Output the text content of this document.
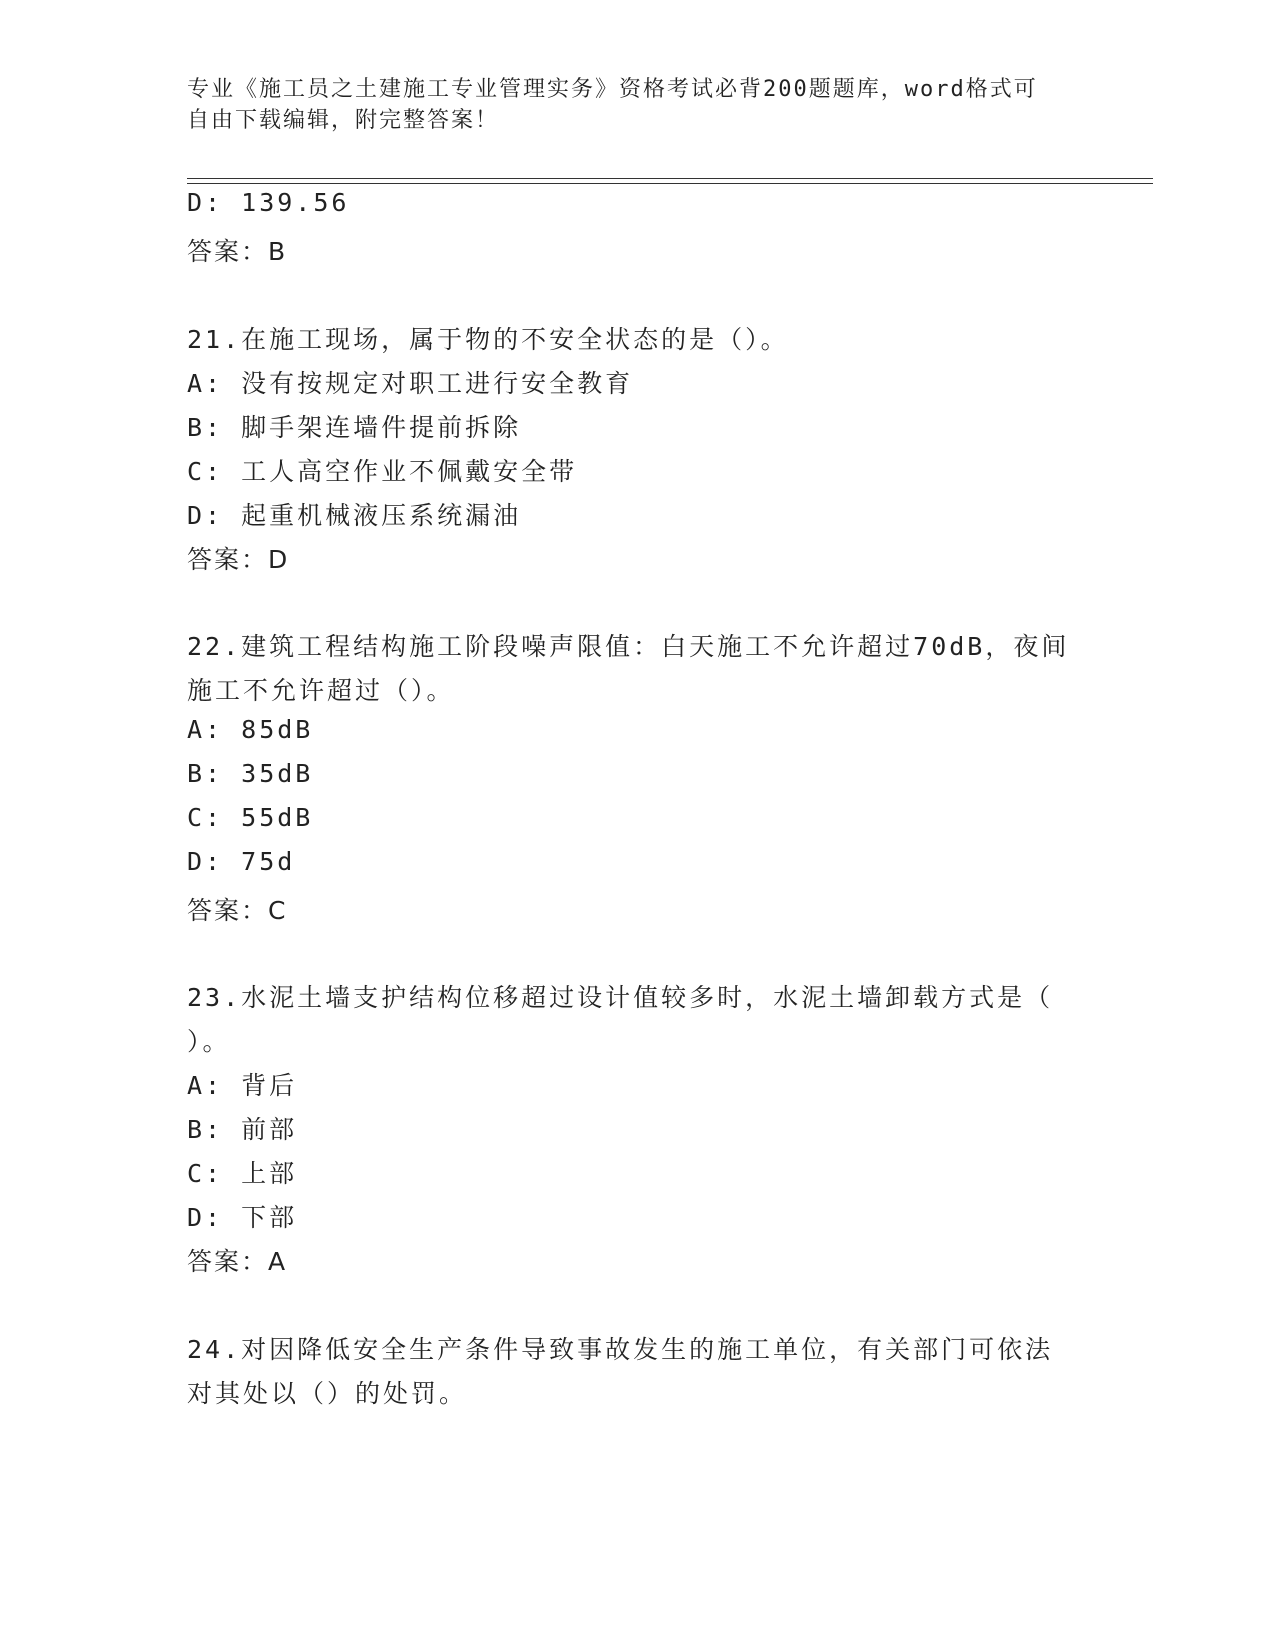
专业《施工员之土建施工专业管理实务》资格考试必背200题题库，word格式可
自由下载编辑，附完整答案！
D: 139.56
答案：B
21.在施工现场，属于物的不安全状态的是（）。
A: 没有按规定对职工进行安全教育
B: 脚手架连墙件提前拆除
C: 工人高空作业不佩戴安全带
D: 起重机械液压系统漏油
答案：D
22.建筑工程结构施工阶段噪声限值：白天施工不允许超过70dB，夜间
施工不允许超过（）。
A: 85dB
B: 35dB
C: 55dB
D: 75d
答案：C
23.水泥土墙支护结构位移超过设计值较多时，水泥土墙卸载方式是（
）。
A: 背后
B: 前部
C: 上部
D: 下部
答案：A
24.对因降低安全生产条件导致事故发生的施工单位，有关部门可依法
对其处以（）的处罚。
